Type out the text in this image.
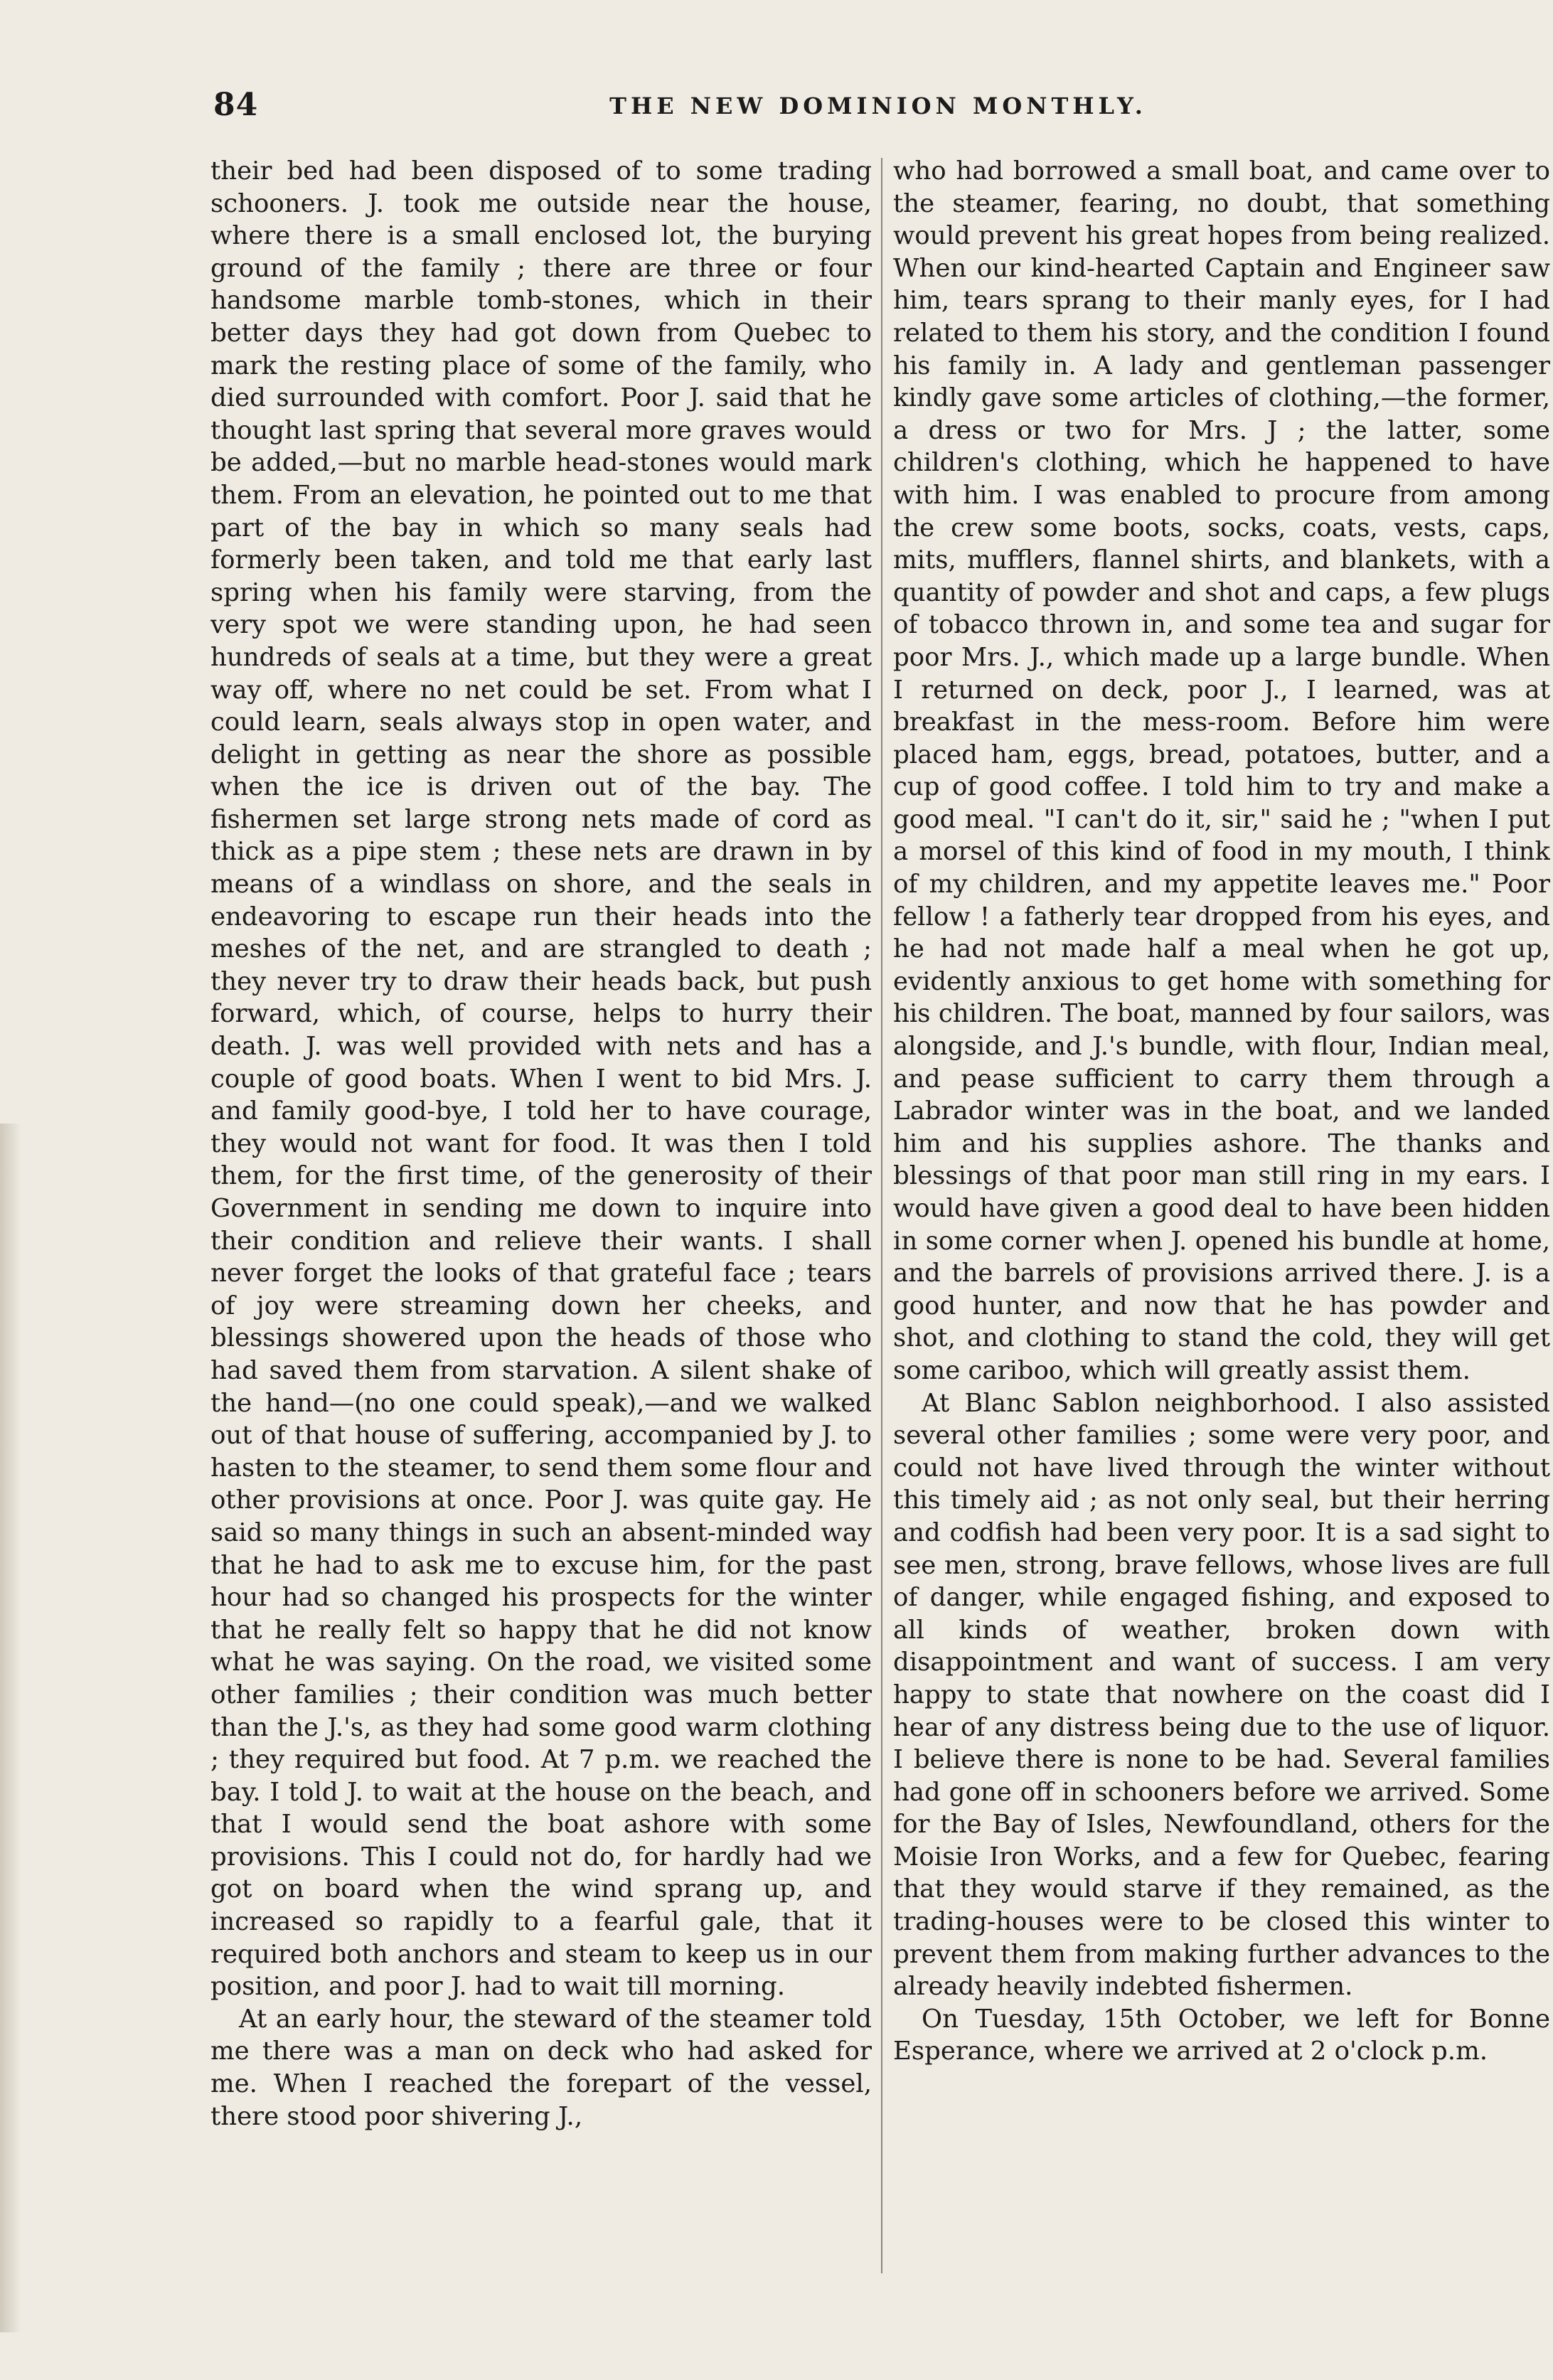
84	THE NEW DOMINION MONTHLY.

their bed had been disposed of to some trading schooners. J. took me outside near the house, where there is a small enclosed lot, the burying ground of the family ; there are three or four handsome marble tomb-stones, which in their better days they had got down from Quebec to mark the resting place of some of the family, who died surrounded with comfort. Poor J. said that he thought last spring that several more graves would be added,—but no marble head-stones would mark them. From an elevation, he pointed out to me that part of the bay in which so many seals had formerly been taken, and told me that early last spring when his family were starving, from the very spot we were standing upon, he had seen hundreds of seals at a time, but they were a great way off, where no net could be set. From what I could learn, seals always stop in open water, and delight in getting as near the shore as possible when the ice is driven out of the bay. The fishermen set large strong nets made of cord as thick as a pipe stem ; these nets are drawn in by means of a windlass on shore, and the seals in endeavoring to escape run their heads into the meshes of the net, and are strangled to death ; they never try to draw their heads back, but push forward, which, of course, helps to hurry their death. J. was well provided with nets and has a couple of good boats. When I went to bid Mrs. J. and family good-bye, I told her to have courage, they would not want for food. It was then I told them, for the first time, of the generosity of their Government in sending me down to inquire into their condition and relieve their wants. I shall never forget the looks of that grateful face ; tears of joy were streaming down her cheeks, and blessings showered upon the heads of those who had saved them from starvation. A silent shake of the hand—(no one could speak),—and we walked out of that house of suffering, accompanied by J. to hasten to the steamer, to send them some flour and other provisions at once. Poor J. was quite gay. He said so many things in such an absent-minded way that he had to ask me to excuse him, for the past hour had so changed his prospects for the winter that he really felt so happy that he did not know what he was saying. On the road, we visited some other families ; their condition was much better than the J.'s, as they had some good warm clothing ; they required but food. At 7 p.m. we reached the bay. I told J. to wait at the house on the beach, and that I would send the boat ashore with some provisions. This I could not do, for hardly had we got on board when the wind sprang up, and increased so rapidly to a fearful gale, that it required both anchors and steam to keep us in our position, and poor J. had to wait till morning.

At an early hour, the steward of the steamer told me there was a man on deck who had asked for me. When I reached the forepart of the vessel, there stood poor shivering J.,

who had borrowed a small boat, and came over to the steamer, fearing, no doubt, that something would prevent his great hopes from being realized. When our kind-hearted Captain and Engineer saw him, tears sprang to their manly eyes, for I had related to them his story, and the condition I found his family in. A lady and gentleman passenger kindly gave some articles of clothing,—the former, a dress or two for Mrs. J ; the latter, some children's clothing, which he happened to have with him. I was enabled to procure from among the crew some boots, socks, coats, vests, caps, mits, mufflers, flannel shirts, and blankets, with a quantity of powder and shot and caps, a few plugs of tobacco thrown in, and some tea and sugar for poor Mrs. J., which made up a large bundle. When I returned on deck, poor J., I learned, was at breakfast in the mess-room. Before him were placed ham, eggs, bread, potatoes, butter, and a cup of good coffee. I told him to try and make a good meal. "I can't do it, sir," said he ; "when I put a morsel of this kind of food in my mouth, I think of my children, and my appetite leaves me." Poor fellow ! a fatherly tear dropped from his eyes, and he had not made half a meal when he got up, evidently anxious to get home with something for his children. The boat, manned by four sailors, was alongside, and J.'s bundle, with flour, Indian meal, and pease sufficient to carry them through a Labrador winter was in the boat, and we landed him and his supplies ashore. The thanks and blessings of that poor man still ring in my ears. I would have given a good deal to have been hidden in some corner when J. opened his bundle at home, and the barrels of provisions arrived there. J. is a good hunter, and now that he has powder and shot, and clothing to stand the cold, they will get some cariboo, which will greatly assist them.

At Blanc Sablon neighborhood. I also assisted several other families ; some were very poor, and could not have lived through the winter without this timely aid ; as not only seal, but their herring and codfish had been very poor. It is a sad sight to see men, strong, brave fellows, whose lives are full of danger, while engaged fishing, and exposed to all kinds of weather, broken down with disappointment and want of success. I am very happy to state that nowhere on the coast did I hear of any distress being due to the use of liquor. I believe there is none to be had. Several families had gone off in schooners before we arrived. Some for the Bay of Isles, Newfoundland, others for the Moisie Iron Works, and a few for Quebec, fearing that they would starve if they remained, as the trading-houses were to be closed this winter to prevent them from making further advances to the already heavily indebted fishermen.

On Tuesday, 15th October, we left for Bonne Esperance, where we arrived at 2 o'clock p.m.
